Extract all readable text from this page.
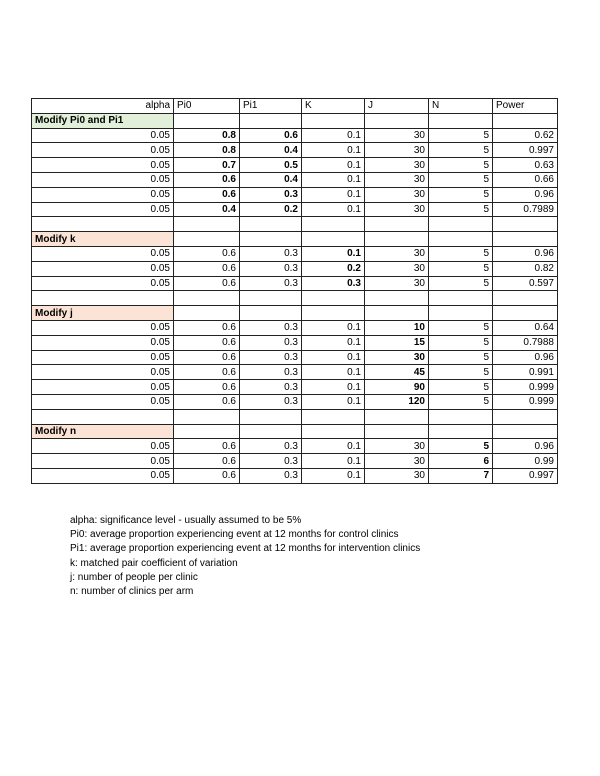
alpha	Pi0	Pi1	K	J	N	Power
Modify Pi0 and Pi1						
0.05	0.8	0.6	0.1	30	5	0.62
0.05	0.8	0.4	0.1	30	5	0.997
0.05	0.7	0.5	0.1	30	5	0.63
0.05	0.6	0.4	0.1	30	5	0.66
0.05	0.6	0.3	0.1	30	5	0.96
0.05	0.4	0.2	0.1	30	5	0.7989

Modify k						
0.05	0.6	0.3	0.1	30	5	0.96
0.05	0.6	0.3	0.2	30	5	0.82
0.05	0.6	0.3	0.3	30	5	0.597

Modify j						
0.05	0.6	0.3	0.1	10	5	0.64
0.05	0.6	0.3	0.1	15	5	0.7988
0.05	0.6	0.3	0.1	30	5	0.96
0.05	0.6	0.3	0.1	45	5	0.991
0.05	0.6	0.3	0.1	90	5	0.999
0.05	0.6	0.3	0.1	120	5	0.999

Modify n						
0.05	0.6	0.3	0.1	30	5	0.96
0.05	0.6	0.3	0.1	30	6	0.99
0.05	0.6	0.3	0.1	30	7	0.997
alpha: significance level - usually assumed to be 5%
Pi0: average proportion experiencing event at 12 months for control clinics
Pi1: average proportion experiencing event at 12 months for intervention clinics
k: matched pair coefficient of variation
j: number of people per clinic
n: number of clinics per arm
